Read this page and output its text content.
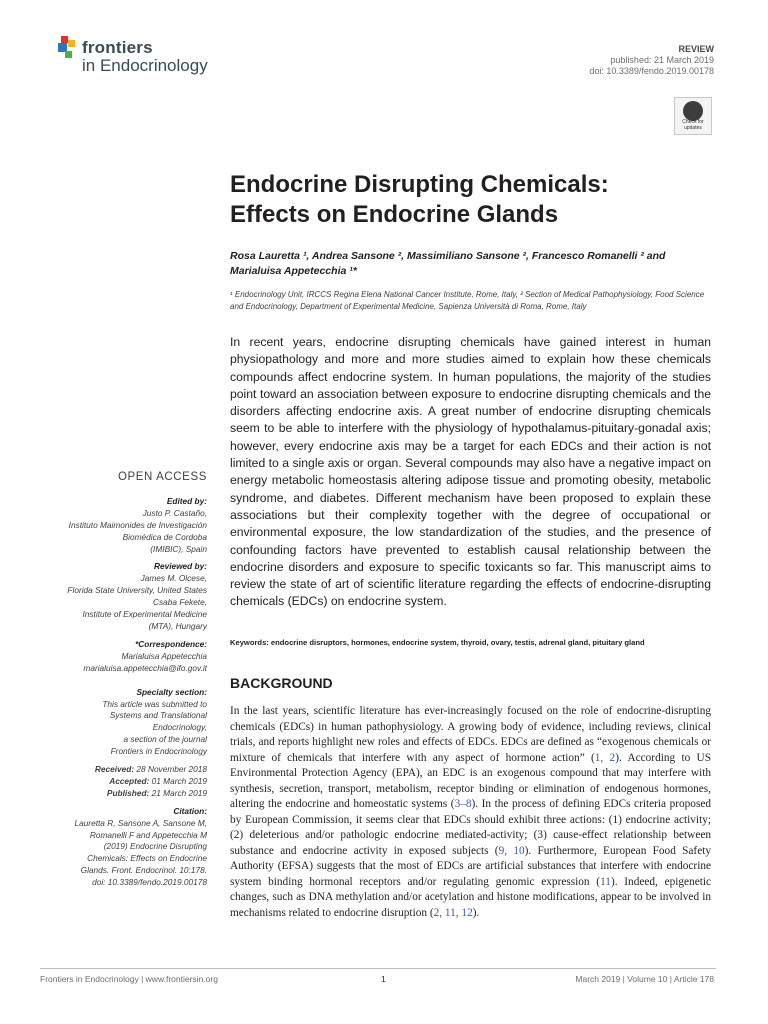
frontiers
in Endocrinology
REVIEW
published: 21 March 2019
doi: 10.3389/fendo.2019.00178
Check for updates
Endocrine Disrupting Chemicals:
Effects on Endocrine Glands
Rosa Lauretta ¹, Andrea Sansone ², Massimiliano Sansone ², Francesco Romanelli ² and
Marialuisa Appetecchia ¹*
¹ Endocrinology Unit, IRCCS Regina Elena National Cancer Institute, Rome, Italy, ² Section of Medical Pathophysiology, Food Science and Endocrinology, Department of Experimental Medicine, Sapienza Università di Roma, Rome, Italy
In recent years, endocrine disrupting chemicals have gained interest in human physiopathology and more and more studies aimed to explain how these chemicals compounds affect endocrine system. In human populations, the majority of the studies point toward an association between exposure to endocrine disrupting chemicals and the disorders affecting endocrine axis. A great number of endocrine disrupting chemicals seem to be able to interfere with the physiology of hypothalamus-pituitary-gonadal axis; however, every endocrine axis may be a target for each EDCs and their action is not limited to a single axis or organ. Several compounds may also have a negative impact on energy metabolic homeostasis altering adipose tissue and promoting obesity, metabolic syndrome, and diabetes. Different mechanism have been proposed to explain these associations but their complexity together with the degree of occupational or environmental exposure, the low standardization of the studies, and the presence of confounding factors have prevented to establish causal relationship between the endocrine disorders and exposure to specific toxicants so far. This manuscript aims to review the state of art of scientific literature regarding the effects of endocrine-disrupting chemicals (EDCs) on endocrine system.
Keywords: endocrine disruptors, hormones, endocrine system, thyroid, ovary, testis, adrenal gland, pituitary gland
BACKGROUND
In the last years, scientific literature has ever-increasingly focused on the role of endocrine-disrupting chemicals (EDCs) in human pathophysiology. A growing body of evidence, including reviews, clinical trials, and reports highlight new roles and effects of EDCs. EDCs are defined as “exogenous chemicals or mixture of chemicals that interfere with any aspect of hormone action” (1, 2). According to US Environmental Protection Agency (EPA), an EDC is an exogenous compound that may interfere with synthesis, secretion, transport, metabolism, receptor binding or elimination of endogenous hormones, altering the endocrine and homeostatic systems (3–8). In the process of defining EDCs criteria proposed by European Commission, it seems clear that EDCs should exhibit three actions: (1) endocrine activity; (2) deleterious and/or pathologic endocrine mediated-activity; (3) cause-effect relationship between substance and endocrine activity in exposed subjects (9, 10). Furthermore, European Food Safety Authority (EFSA) suggests that the most of EDCs are artificial substances that interfere with endocrine system binding hormonal receptors and/or regulating genomic expression (11). Indeed, epigenetic changes, such as DNA methylation and/or acetylation and histone modifications, appear to be involved in mechanisms related to endocrine disruption (2, 11, 12).
OPEN ACCESS
Edited by:
Justo P. Castaño,
Instituto Maimonides de Investigación
Biomédica de Cordoba
(IMIBIC), Spain
Reviewed by:
James M. Olcese,
Florida State University, United States
Csaba Fekete,
Institute of Experimental Medicine
(MTA), Hungary
*Correspondence:
Marialuisa Appetecchia
marialuisa.appetecchia@ifo.gov.it
Specialty section:
This article was submitted to
Systems and Translational
Endocrinology,
a section of the journal
Frontiers in Endocrinology
Received: 28 November 2018
Accepted: 01 March 2019
Published: 21 March 2019
Citation:
Lauretta R, Sansone A, Sansone M,
Romanelli F and Appetecchia M
(2019) Endocrine Disrupting
Chemicals: Effects on Endocrine
Glands. Front. Endocrinol. 10:178.
doi: 10.3389/fendo.2019.00178
Frontiers in Endocrinology | www.frontiersin.org	1	March 2019 | Volume 10 | Article 178
